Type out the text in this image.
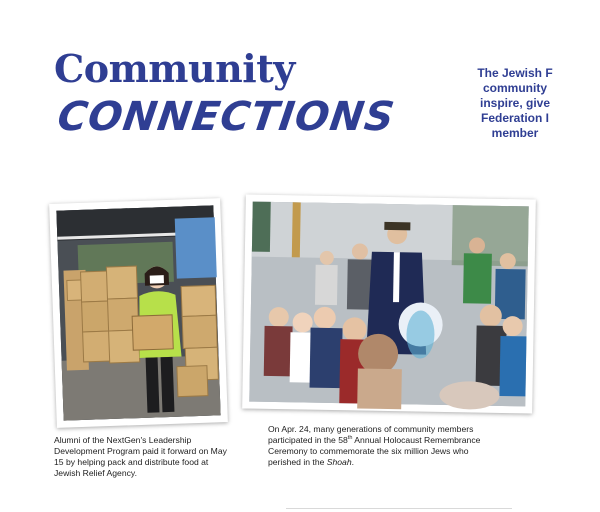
Community
CONNECTIONS
The Jewish F
community
inspire, give
Federation I
member

Alumni of the NextGen's Leadership Development Program paid it forward on May 15 by helping pack and distribute food at Jewish Relief Agency.

On Apr. 24, many generations of community members participated in the 58th Annual Holocaust Remembrance Ceremony to commemorate the six million Jews who perished in the Shoah.
